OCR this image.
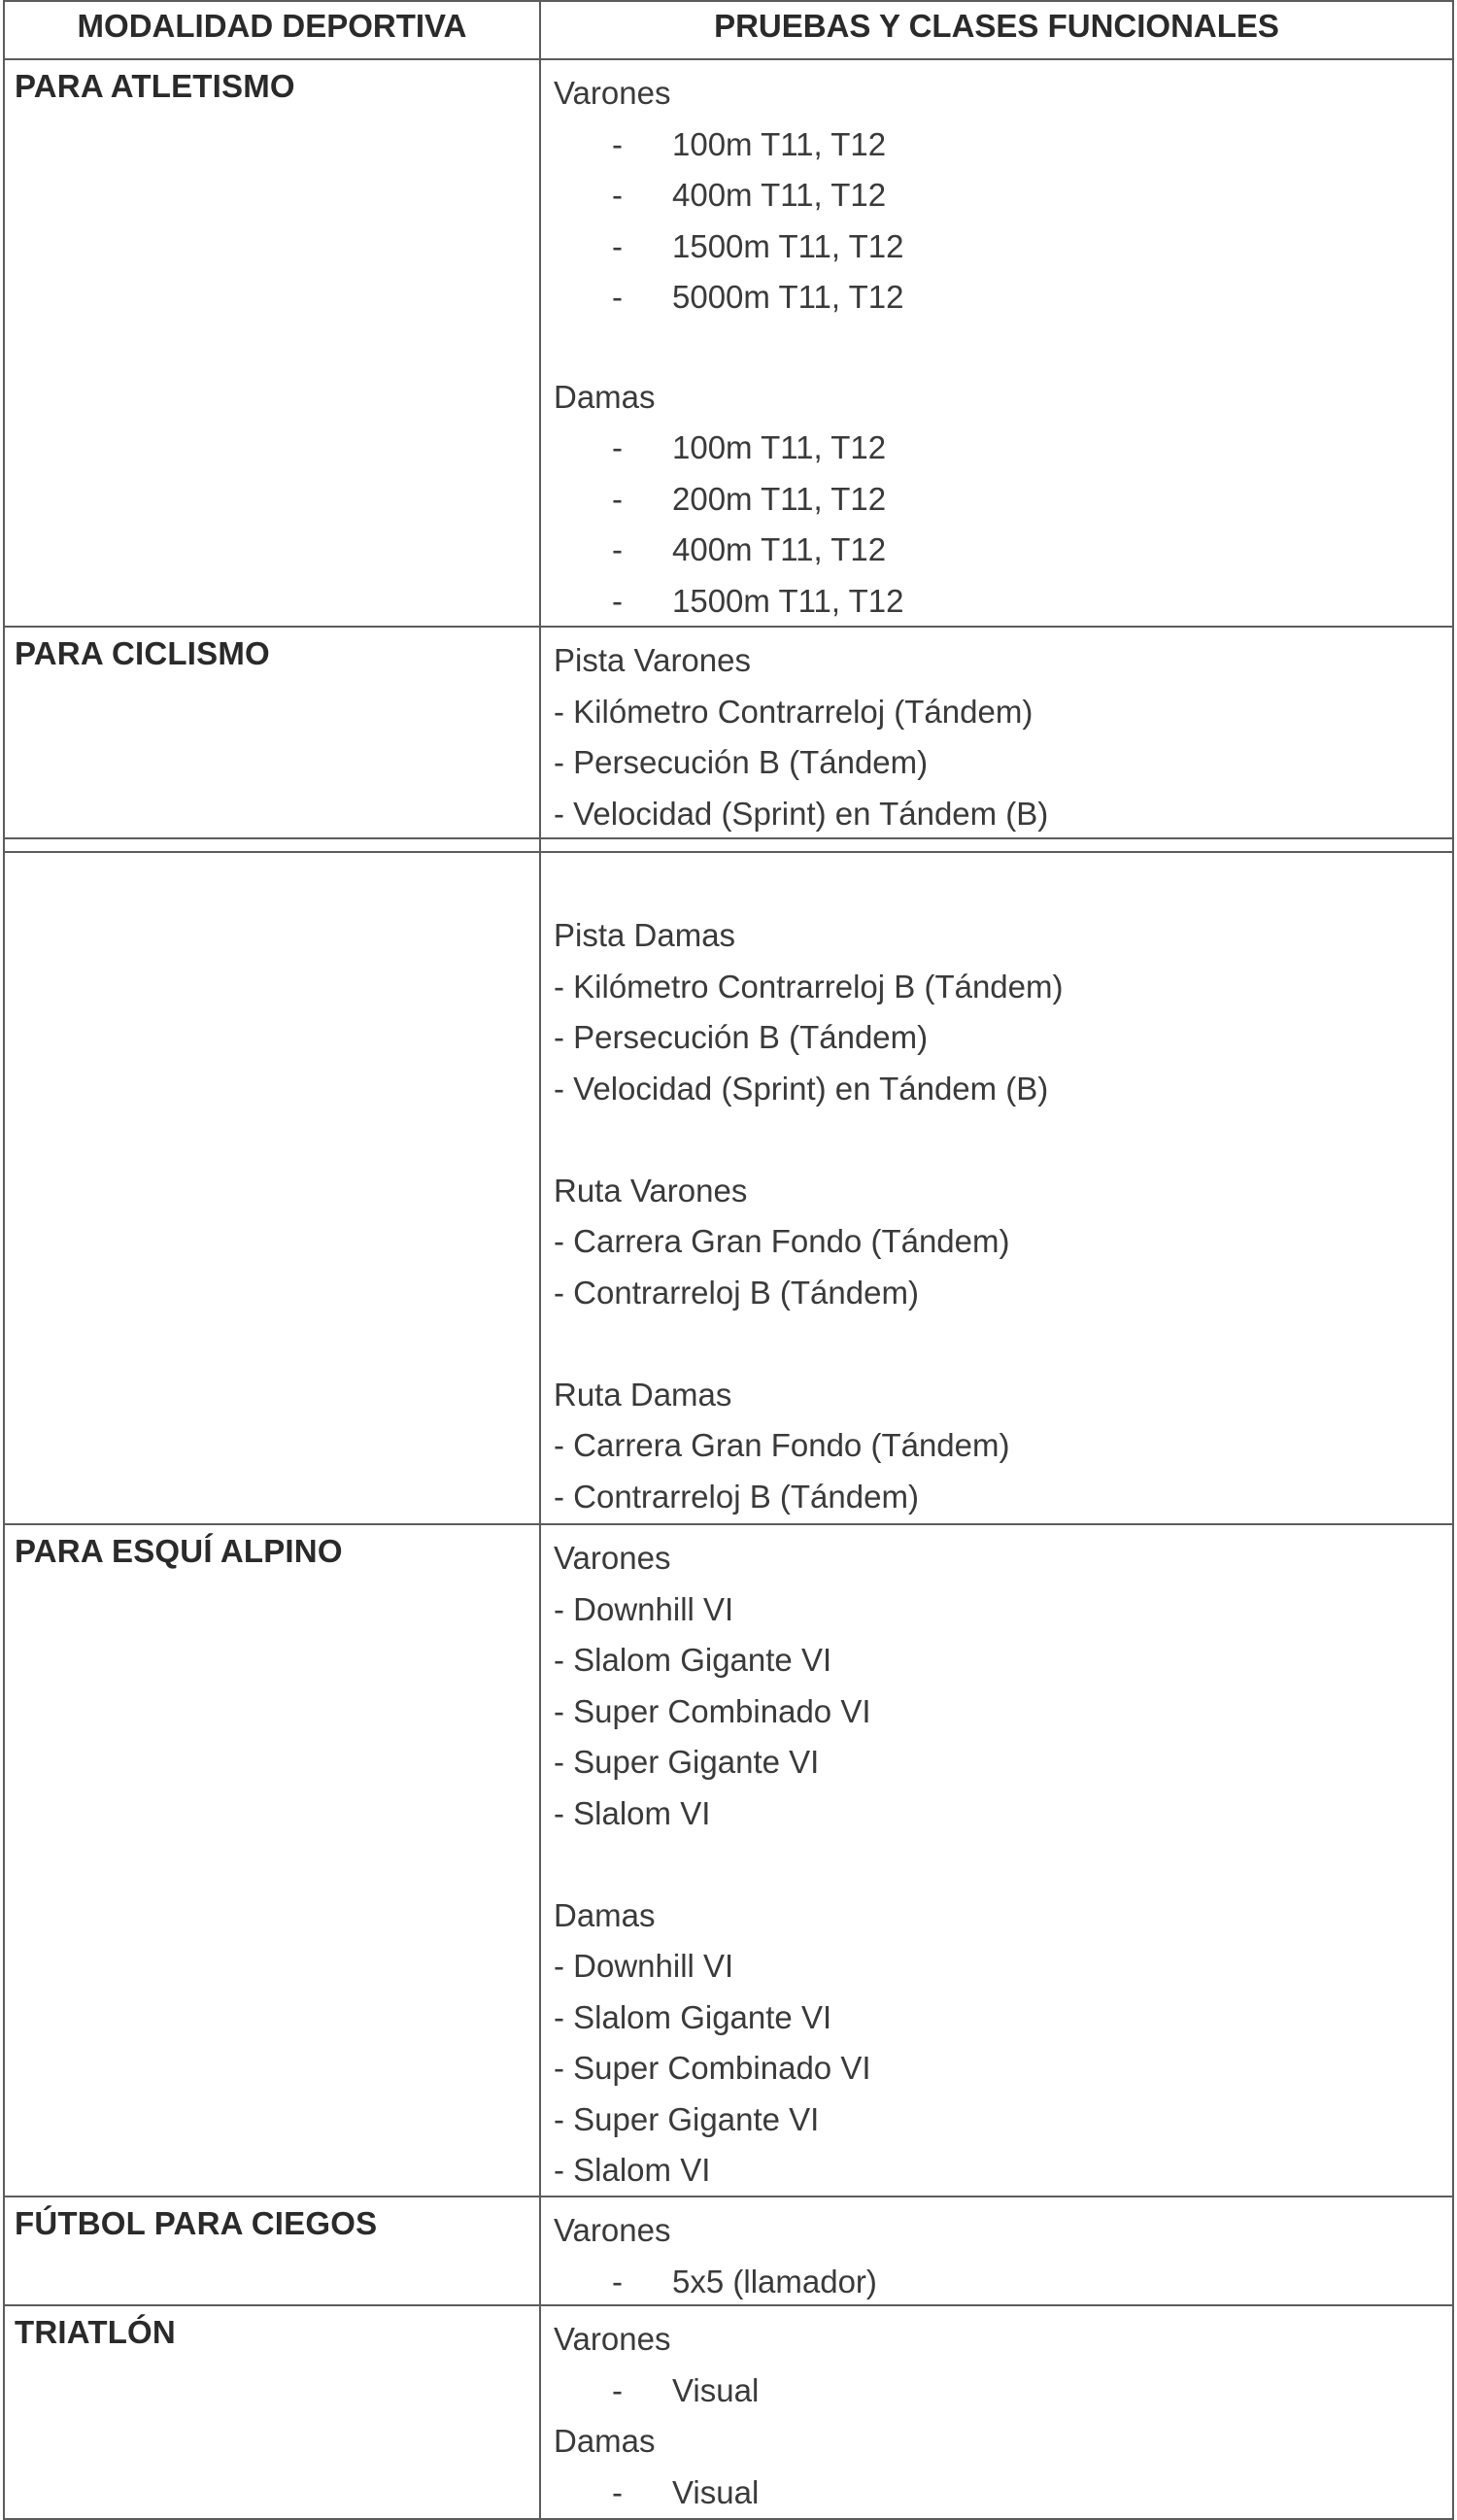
MODALIDAD DEPORTIVA	PRUEBAS Y CLASES FUNCIONALES
PARA ATLETISMO	Varones
- 100m T11, T12
- 400m T11, T12
- 1500m T11, T12
- 5000m T11, T12
Damas
- 100m T11, T12
- 200m T11, T12
- 400m T11, T12
- 1500m T11, T12
PARA CICLISMO	Pista Varones
- Kilómetro Contrarreloj (Tándem)
- Persecución B (Tándem)
- Velocidad (Sprint) en Tándem (B)
Pista Damas
- Kilómetro Contrarreloj B (Tándem)
- Persecución B (Tándem)
- Velocidad (Sprint) en Tándem (B)
Ruta Varones
- Carrera Gran Fondo (Tándem)
- Contrarreloj B (Tándem)
Ruta Damas
- Carrera Gran Fondo (Tándem)
- Contrarreloj B (Tándem)
PARA ESQUÍ ALPINO	Varones
- Downhill VI
- Slalom Gigante VI
- Super Combinado VI
- Super Gigante VI
- Slalom VI
Damas
- Downhill VI
- Slalom Gigante VI
- Super Combinado VI
- Super Gigante VI
- Slalom VI
FÚTBOL PARA CIEGOS	Varones
- 5x5 (llamador)
TRIATLÓN	Varones
- Visual
Damas
- Visual
